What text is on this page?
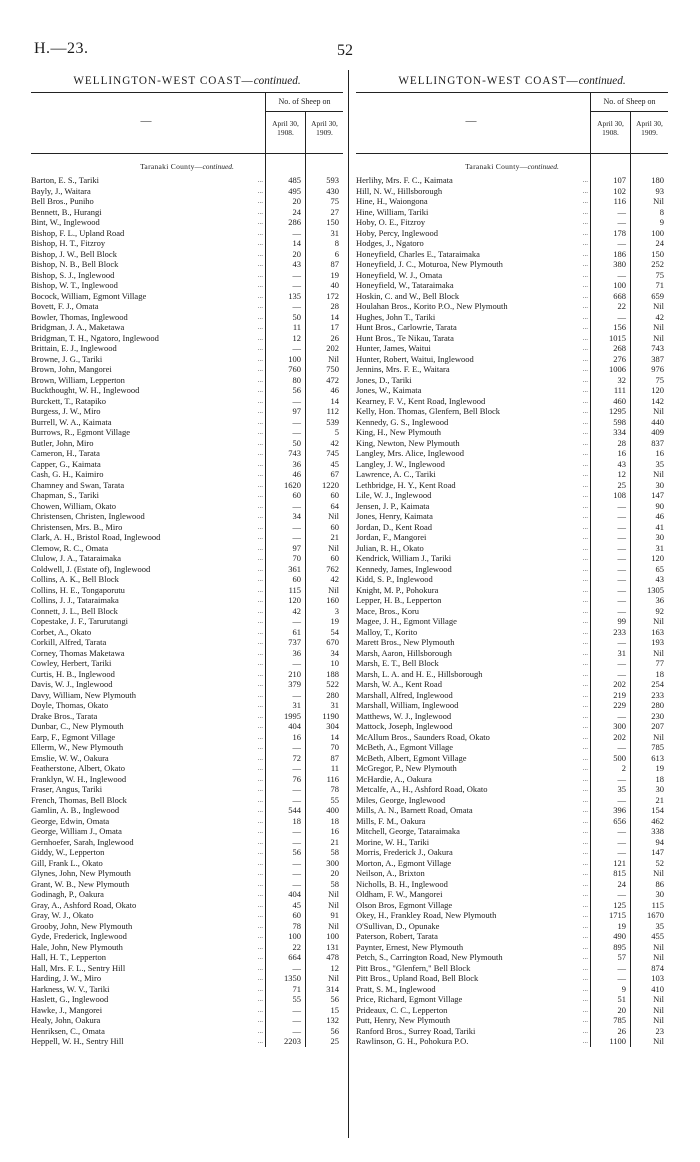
H.—23.	52
WELLINGTON-WEST COAST—continued.
—
No. of Sheep on
April 30,
1908.
April 30,
1909.
Taranaki County—continued.
Barton, E. S., Tariki	...	485	593
Bayly, J., Waitara	...	495	430
Bell Bros., Puniho	...	20	75
Bennett, B., Hurangi	...	24	27
Bint, W., Inglewood	...	286	150
Bishop, F. L., Upland Road	...	—	31
Bishop, H. T., Fitzroy	...	14	8
Bishop, J. W., Bell Block	...	20	6
Bishop, N. B., Bell Block	...	43	87
Bishop, S. J., Inglewood	...	—	19
Bishop, W. T., Inglewood	...	—	40
Bocock, William, Egmont Village	...	135	172
Bovett, F. J., Omata	...	—	28
Bowler, Thomas, Inglewood	...	50	14
Bridgman, J. A., Maketawa	...	11	17
Bridgman, T. H., Ngatoro, Inglewood	...	12	26
Brittain, E. J., Inglewood	...	—	202
Browne, J. G., Tariki	...	100	Nil
Brown, John, Mangorei	...	760	750
Brown, William, Lepperton	...	80	472
Buckthought, W. H., Inglewood	...	56	46
Burckett, T., Ratapiko	...	—	14
Burgess, J. W., Miro	...	97	112
Burrell, W. A., Kaimata	...	—	539
Burrows, R., Egmont Village	...	—	5
Butler, John, Miro	...	50	42
Cameron, H., Tarata	...	743	745
Capper, G., Kaimata	...	36	45
Cash, G. H., Kaimiro	...	46	67
Chamney and Swan, Tarata	...	1620	1220
Chapman, S., Tariki	...	60	60
Chowen, William, Okato	...	—	64
Christensen, Christen, Inglewood	...	34	Nil
Christensen, Mrs. B., Miro	...	—	60
Clark, A. H., Bristol Road, Inglewood	...	—	21
Clemow, R. C., Omata	...	97	Nil
Clulow, J. A., Tataraimaka	...	70	60
Coldwell, J. (Estate of), Inglewood	...	361	762
Collins, A. K., Bell Block	...	60	42
Collins, H. E., Tongaporutu	...	115	Nil
Collins, J. J., Tataraimaka	...	120	160
Connett, J. L., Bell Block	...	42	3
Copestake, J. F., Tarurutangi	...	—	19
Corbet, A., Okato	...	61	54
Corkill, Alfred, Tarata	...	737	670
Corney, Thomas Maketawa	...	36	34
Cowley, Herbert, Tariki	...	—	10
Curtis, H. B., Inglewood	...	210	188
Davis, W. J., Inglewood	...	379	522
Davy, William, New Plymouth	...	—	280
Doyle, Thomas, Okato	...	31	31
Drake Bros., Tarata	...	1995	1190
Dunbar, C., New Plymouth	...	404	304
Earp, F., Egmont Village	...	16	14
Ellerm, W., New Plymouth	...	—	70
Emslie, W. W., Oakura	...	72	87
Featherstone, Albert, Okato	...	—	11
Franklyn, W. H., Inglewood	...	76	116
Fraser, Angus, Tariki	...	—	78
French, Thomas, Bell Block	...	—	55
Gamlin, A. B., Inglewood	...	544	400
George, Edwin, Omata	...	18	18
George, William J., Omata	...	—	16
Gernhoefer, Sarah, Inglewood	...	—	21
Giddy, W., Lepperton	...	56	58
Gill, Frank L., Okato	...	—	300
Glynes, John, New Plymouth	...	—	20
Grant, W. B., New Plymouth	...	—	58
Godinagh, P., Oakura	...	404	Nil
Gray, A., Ashford Road, Okato	...	45	Nil
Gray, W. J., Okato	...	60	91
Grooby, John, New Plymouth	...	78	Nil
Gyde, Frederick, Inglewood	...	100	100
Hale, John, New Plymouth	...	22	131
Hall, H. T., Lepperton	...	664	478
Hall, Mrs. F. L., Sentry Hill	...	—	12
Harding, J. W., Miro	...	1350	Nil
Harkness, W. V., Tariki	...	71	314
Haslett, G., Inglewood	...	55	56
Hawke, J., Mangorei	...	—	15
Healy, John, Oakura	...	—	132
Henriksen, C., Omata	...	—	56
Heppell, W. H., Sentry Hill	...	2203	25
WELLINGTON-WEST COAST—continued.
—
No. of Sheep on
April 30,
1908.
April 30,
1909.
Taranaki County—continued.
Herlihy, Mrs. F. C., Kaimata	...	107	180
Hill, N. W., Hillsborough	...	102	93
Hine, H., Waiongona	...	116	Nil
Hine, William, Tariki	...	—	8
Hoby, O. E., Fitzroy	...	—	9
Hoby, Percy, Inglewood	...	178	100
Hodges, J., Ngatoro	...	—	24
Honeyfield, Charles E., Tataraimaka	...	186	150
Honeyfield, J. C., Moturoa, New Plymouth	...	380	252
Honeyfield, W. J., Omata	...	—	75
Honeyfield, W., Tataraimaka	...	100	71
Hoskin, C. and W., Bell Block	...	668	659
Houlahan Bros., Korito P.O., New Plymouth	...	22	Nil
Hughes, John T., Tariki	...	—	42
Hunt Bros., Carlowrie, Tarata	...	156	Nil
Hunt Bros., Te Nikau, Tarata	...	1015	Nil
Hunter, James, Waitui	...	268	743
Hunter, Robert, Waitui, Inglewood	...	276	387
Jennins, Mrs. F. E., Waitara	...	1006	976
Jones, D., Tariki	...	32	75
Jones, W., Kaimata	...	111	120
Kearney, F. V., Kent Road, Inglewood	...	460	142
Kelly, Hon. Thomas, Glenfern, Bell Block	...	1295	Nil
Kennedy, G. S., Inglewood	...	598	440
King, H., New Plymouth	...	334	409
King, Newton, New Plymouth	...	28	837
Langley, Mrs. Alice, Inglewood	...	16	16
Langley, J. W., Inglewood	...	43	35
Lawrence, A. C., Tariki	...	12	Nil
Lethbridge, H. Y., Kent Road	...	25	30
Lile, W. J., Inglewood	...	108	147
Jensen, J. P., Kaimata	...	—	90
Jones, Henry, Kaimata	...	—	46
Jordan, D., Kent Road	...	—	41
Jordan, F., Mangorei	...	—	30
Julian, R. H., Okato	...	—	31
Kendrick, William J., Tariki	...	—	120
Kennedy, James, Inglewood	...	—	65
Kidd, S. P., Inglewood	...	—	43
Knight, M. P., Pohokura	...	—	1305
Lepper, H. B., Lepperton	...	—	36
Mace, Bros., Koru	...	—	92
Magee, J. H., Egmont Village	...	99	Nil
Malloy, T., Korito	...	233	163
Marett Bros., New Plymouth	...	—	193
Marsh, Aaron, Hillsborough	...	31	Nil
Marsh, E. T., Bell Block	...	—	77
Marsh, L. A. and H. E., Hillsborough	...	—	18
Marsh, W. A., Kent Road	...	202	254
Marshall, Alfred, Inglewood	...	219	233
Marshall, William, Inglewood	...	229	280
Matthews, W. J., Inglewood	...	—	230
Mattock, Joseph, Inglewood	...	300	207
McAllum Bros., Saunders Road, Okato	...	202	Nil
McBeth, A., Egmont Village	...	—	785
McBeth, Albert, Egmont Village	...	500	613
McGregor, P., New Plymouth	...	2	19
McHardie, A., Oakura	...	—	18
Metcalfe, A., H., Ashford Road, Okato	...	35	30
Miles, George, Inglewood	...	—	21
Mills, A. N., Barnett Road, Omata	...	396	154
Mills, F. M., Oakura	...	656	462
Mitchell, George, Tataraimaka	...	—	338
Morine, W. H., Tariki	...	—	94
Morris, Frederick J., Oakura	...	—	147
Morton, A., Egmont Village	...	121	52
Neilson, A., Brixton	...	815	Nil
Nicholls, B. H., Inglewood	...	24	86
Oldham, F. W., Mangorei	...	—	30
Olson Bros, Egmont Village	...	125	115
Okey, H., Frankley Road, New Plymouth	...	1715	1670
O'Sullivan, D., Opunake	...	19	35
Paterson, Robert, Tarata	...	490	455
Paynter, Ernest, New Plymouth	...	895	Nil
Petch, S., Carrington Road, New Plymouth	...	57	Nil
Pitt Bros., "Glenfern," Bell Block	...	—	874
Pitt Bros., Upland Road, Bell Block	...	—	103
Pratt, S. M., Inglewood	...	9	410
Price, Richard, Egmont Village	...	51	Nil
Prideaux, C. C., Lepperton	...	20	Nil
Putt, Henry, New Plymouth	...	785	Nil
Ranford Bros., Surrey Road, Tariki	...	26	23
Rawlinson, G. H., Pohokura P.O.	...	1100	Nil
